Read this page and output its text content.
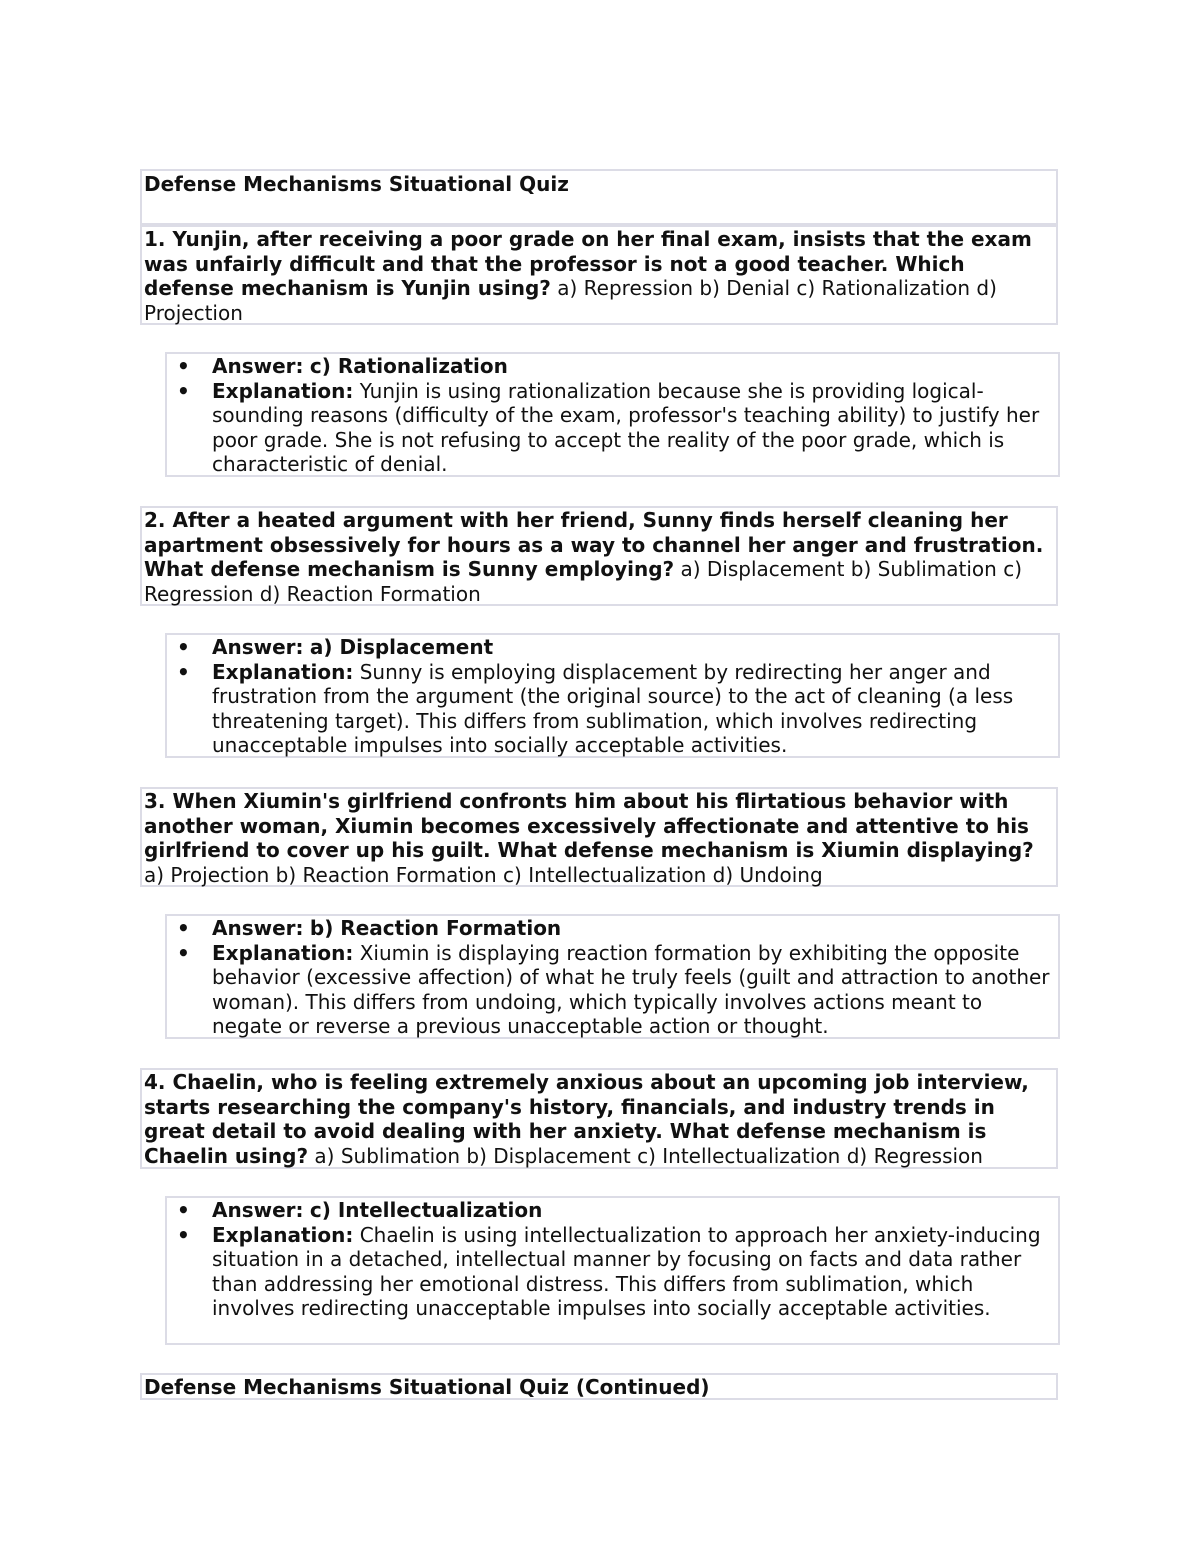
Defense Mechanisms Situational Quiz
1. Yunjin, after receiving a poor grade on her final exam, insists that the exam was unfairly difficult and that the professor is not a good teacher. Which defense mechanism is Yunjin using? a) Repression b) Denial c) Rationalization d) Projection
• Answer: c) Rationalization
• Explanation: Yunjin is using rationalization because she is providing logical-sounding reasons (difficulty of the exam, professor's teaching ability) to justify her poor grade. She is not refusing to accept the reality of the poor grade, which is characteristic of denial.
2. After a heated argument with her friend, Sunny finds herself cleaning her apartment obsessively for hours as a way to channel her anger and frustration. What defense mechanism is Sunny employing? a) Displacement b) Sublimation c) Regression d) Reaction Formation
• Answer: a) Displacement
• Explanation: Sunny is employing displacement by redirecting her anger and frustration from the argument (the original source) to the act of cleaning (a less threatening target). This differs from sublimation, which involves redirecting unacceptable impulses into socially acceptable activities.
3. When Xiumin's girlfriend confronts him about his flirtatious behavior with another woman, Xiumin becomes excessively affectionate and attentive to his girlfriend to cover up his guilt. What defense mechanism is Xiumin displaying? a) Projection b) Reaction Formation c) Intellectualization d) Undoing
• Answer: b) Reaction Formation
• Explanation: Xiumin is displaying reaction formation by exhibiting the opposite behavior (excessive affection) of what he truly feels (guilt and attraction to another woman). This differs from undoing, which typically involves actions meant to negate or reverse a previous unacceptable action or thought.
4. Chaelin, who is feeling extremely anxious about an upcoming job interview, starts researching the company's history, financials, and industry trends in great detail to avoid dealing with her anxiety. What defense mechanism is Chaelin using? a) Sublimation b) Displacement c) Intellectualization d) Regression
• Answer: c) Intellectualization
• Explanation: Chaelin is using intellectualization to approach her anxiety-inducing situation in a detached, intellectual manner by focusing on facts and data rather than addressing her emotional distress. This differs from sublimation, which involves redirecting unacceptable impulses into socially acceptable activities.
Defense Mechanisms Situational Quiz (Continued)
